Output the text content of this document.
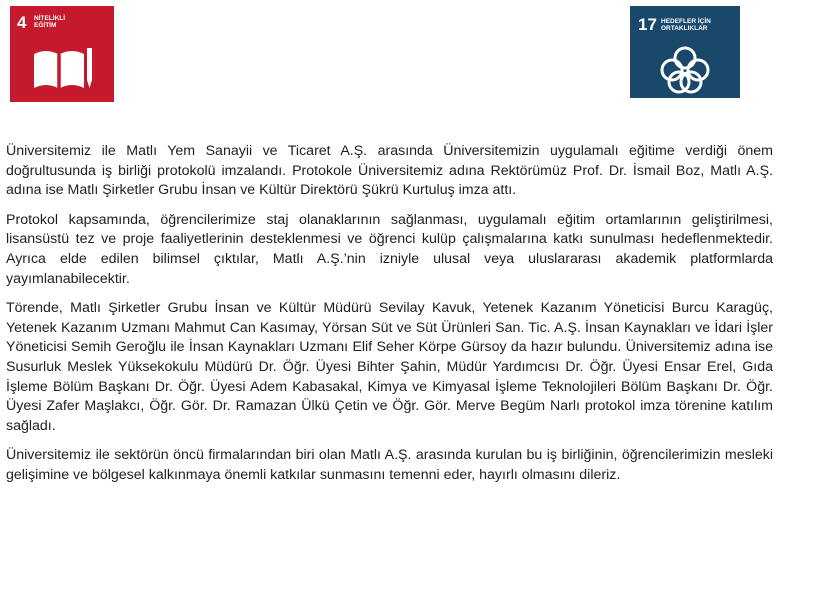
4 NİTELİKLİ
EĞİTİM	17 HEDEFLER İÇİN
ORTAKLIKLAR

Üniversitemiz ile Matlı Yem Sanayii ve Ticaret A.Ş. arasında Üniversitemizin uygulamalı eğitime verdiği önem doğrultusunda iş birliği protokolü imzalandı. Protokole Üniversitemiz adına Rektörümüz Prof. Dr. İsmail Boz, Matlı A.Ş. adına ise Matlı Şirketler Grubu İnsan ve Kültür Direktörü Şükrü Kurtuluş imza attı.

Protokol kapsamında, öğrencilerimize staj olanaklarının sağlanması, uygulamalı eğitim ortamlarının geliştirilmesi, lisansüstü tez ve proje faaliyetlerinin desteklenmesi ve öğrenci kulüp çalışmalarına katkı sunulması hedeflenmektedir. Ayrıca elde edilen bilimsel çıktılar, Matlı A.Ş.’nin izniyle ulusal veya uluslararası akademik platformlarda yayımlanabilecektir.

Törende, Matlı Şirketler Grubu İnsan ve Kültür Müdürü Sevilay Kavuk, Yetenek Kazanım Yöneticisi Burcu Karagüç, Yetenek Kazanım Uzmanı Mahmut Can Kasımay, Yörsan Süt ve Süt Ürünleri San. Tic. A.Ş. İnsan Kaynakları ve İdari İşler Yöneticisi Semih Geroğlu ile İnsan Kaynakları Uzmanı Elif Seher Körpe Gürsoy da hazır bulundu. Üniversitemiz adına ise Susurluk Meslek Yüksekokulu Müdürü Dr. Öğr. Üyesi Bihter Şahin, Müdür Yardımcısı Dr. Öğr. Üyesi Ensar Erel, Gıda İşleme Bölüm Başkanı Dr. Öğr. Üyesi Adem Kabasakal, Kimya ve Kimyasal İşleme Teknolojileri Bölüm Başkanı Dr. Öğr. Üyesi Zafer Maşlakcı, Öğr. Gör. Dr. Ramazan Ülkü Çetin ve Öğr. Gör. Merve Begüm Narlı protokol imza törenine katılım sağladı.

Üniversitemiz ile sektörün öncü firmalarından biri olan Matlı A.Ş. arasında kurulan bu iş birliğinin, öğrencilerimizin mesleki gelişimine ve bölgesel kalkınmaya önemli katkılar sunmasını temenni eder, hayırlı olmasını dileriz.
